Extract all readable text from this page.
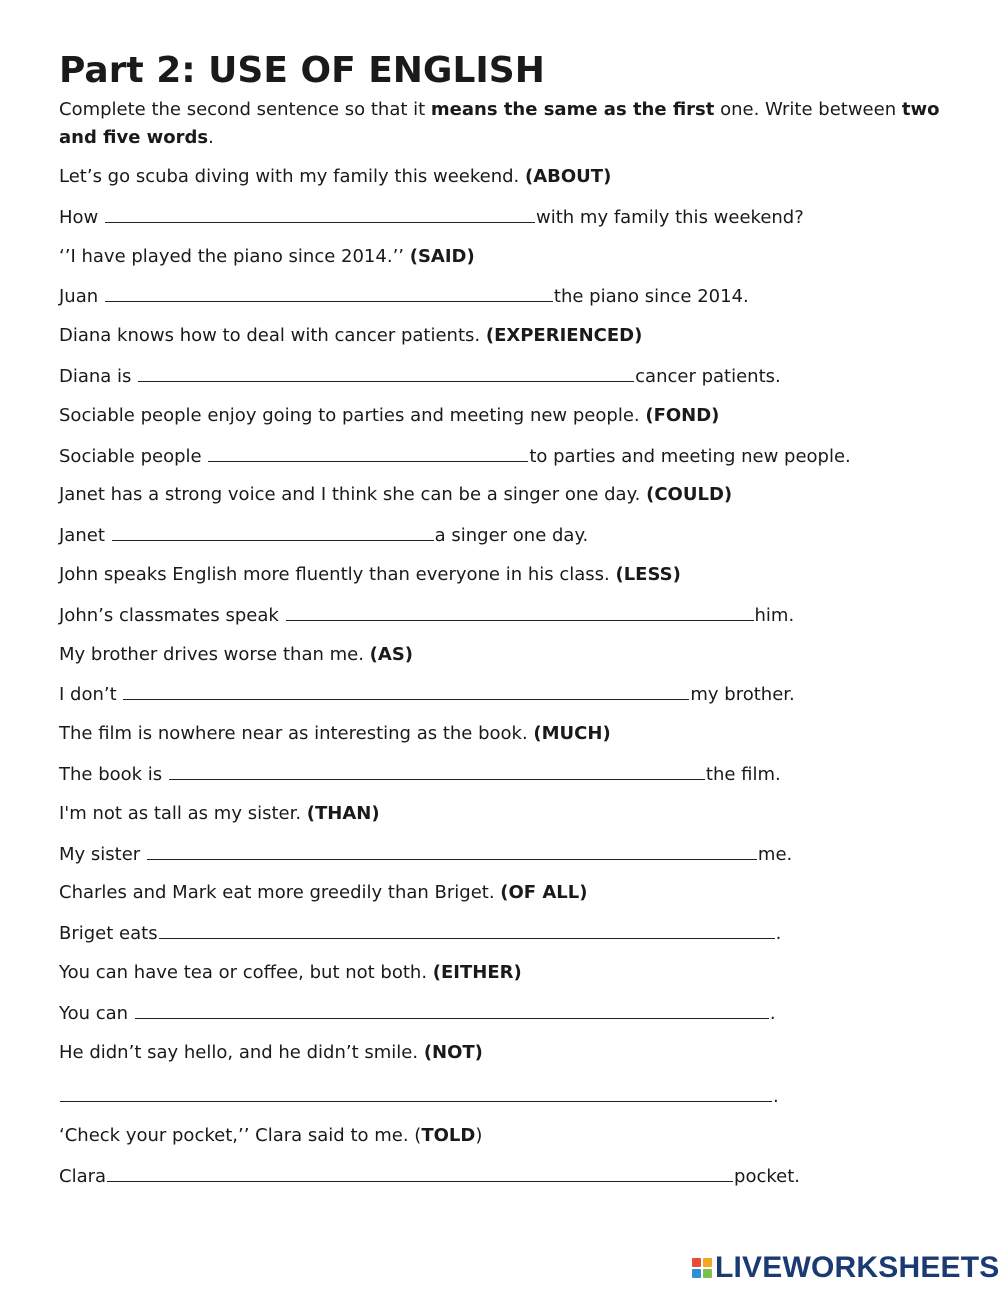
Part 2: USE OF ENGLISH

Complete the second sentence so that it means the same as the first one. Write between two and five words.

Let’s go scuba diving with my family this weekend. (ABOUT)
How	with my family this weekend?
‘’I have played the piano since 2014.’’ (SAID)
Juan	the piano since 2014.
Diana knows how to deal with cancer patients. (EXPERIENCED)
Diana is	cancer patients.
Sociable people enjoy going to parties and meeting new people. (FOND)
Sociable people	to parties and meeting new people.
Janet has a strong voice and I think she can be a singer one day. (COULD)
Janet	a singer one day.
John speaks English more fluently than everyone in his class. (LESS)
John’s classmates speak	him.
My brother drives worse than me. (AS)
I don’t	my brother.
The film is nowhere near as interesting as the book. (MUCH)
The book is	the film.
I'm not as tall as my sister. (THAN)
My sister	me.
Charles and Mark eat more greedily than Briget. (OF ALL)
Briget eats	.
You can have tea or coffee, but not both. (EITHER)
You can	.
He didn’t say hello, and he didn’t smile. (NOT)
.
‘Check your pocket,’’ Clara said to me. (TOLD)
Clara	pocket.
LIVEWORKSHEETS
